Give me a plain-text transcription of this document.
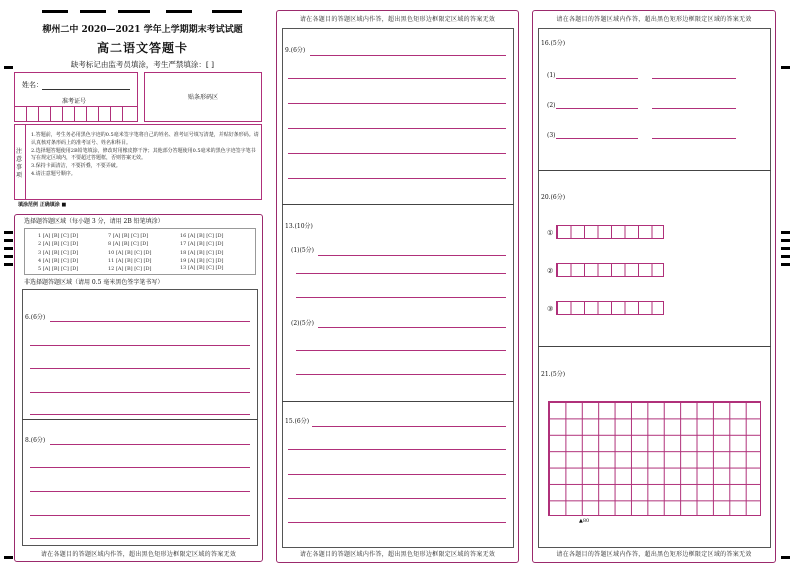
柳州二中 2020—2021 学年上学期期末考试试题
高二语文答题卡
缺考标记由监考员填涂，考生严禁填涂：[ ]
姓名：
准考证号
贴条形码区
注意事项
1.答题前，考生务必用黑色字迹的0.5毫米签字笔将自己的姓名、准考证号填写清楚，并贴好条形码。请认真核对条形码上的准考证号、姓名和科目。
2.选择题答题使用2B铅笔填涂，修改时用橡皮擦干净；其他部分答题使用0.5毫米的黑色字迹签字笔书写在规定区域内，不要超过答题框，否则答案无效。
3.保持卡面清洁，不要折叠，不要弄破。
4.请注意题号顺序。
填涂范例 正确填涂 ■
选择题答题区域（每小题 3 分，请用 2B 铅笔填涂）
1 [A] [B] [C] [D]
2 [A] [B] [C] [D]
3 [A] [B] [C] [D]
4 [A] [B] [C] [D]
5 [A] [B] [C] [D]
7 [A] [B] [C] [D]
8 [A] [B] [C] [D]
10 [A] [B] [C] [D]
11 [A] [B] [C] [D]
12 [A] [B] [C] [D]
16 [A] [B] [C] [D]
17 [A] [B] [C] [D]
18 [A] [B] [C] [D]
19 [A] [B] [C] [D]
13 [A] [B] [C] [D]
非选择题答题区域（请用 0.5 毫米黑色签字笔书写）
6.(6分)
8.(6分)
请在各题目的答题区域内作答，超出黑色矩形边框限定区域的答案无效
请在各题目的答题区域内作答，超出黑色矩形边框限定区域的答案无效
9.(6分)
13.(10分)
(1)(5分)
(2)(5分)
15.(6分)
请在各题目的答题区域内作答，超出黑色矩形边框限定区域的答案无效
请在各题目的答题区域内作答，超出黑色矩形边框限定区域的答案无效
16.(5分)
(1)
(2)
(3)
20.(6分)
①
②
③
21.(5分)
▲80
请在各题目的答题区域内作答，超出黑色矩形边框限定区域的答案无效
